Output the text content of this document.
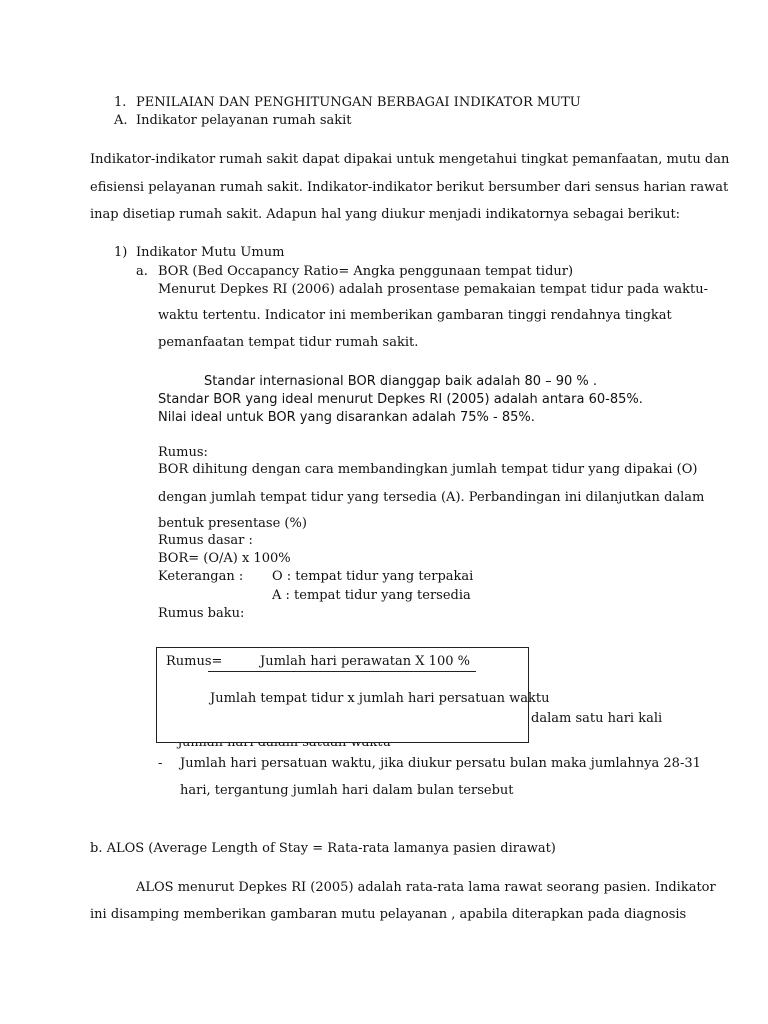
1. PENILAIAN DAN PENGHITUNGAN BERBAGAI INDIKATOR MUTU
A. Indikator pelayanan rumah sakit
Indikator-indikator rumah sakit dapat dipakai untuk mengetahui tingkat pemanfaatan, mutu dan
efisiensi pelayanan rumah sakit. Indikator-indikator berikut bersumber dari sensus harian rawat
inap disetiap rumah sakit. Adapun hal yang diukur menjadi indikatornya sebagai berikut:
1) Indikator Mutu Umum
a. BOR (Bed Occapancy Ratio= Angka penggunaan tempat tidur)
Menurut Depkes RI (2006) adalah prosentase pemakaian tempat tidur pada waktu-
waktu tertentu. Indicator ini memberikan gambaran tinggi rendahnya tingkat
pemanfaatan tempat tidur rumah sakit.
Standar internasional BOR dianggap baik adalah 80 – 90 % .
Standar BOR yang ideal menurut Depkes RI (2005) adalah antara 60-85%.
Nilai ideal untuk BOR yang disarankan adalah 75% - 85%.
Rumus:
BOR dihitung dengan cara membandingkan jumlah tempat tidur yang dipakai (O)
dengan jumlah tempat tidur yang tersedia (A). Perbandingan ini dilanjutkan dalam
bentuk presentase (%)
Rumus dasar :
BOR= (O/A) x 100%
Keterangan : O : tempat tidur yang terpakai
A : tempat tidur yang tersedia
Rumus baku:
Rumus=	Jumlah hari perawatan X 100 %
Jumlah tempat tidur x jumlah hari persatuan waktu
dalam satu hari kali
- Jumlah hari persatuan waktu, jika diukur persatu bulan maka jumlahnya 28-31
hari, tergantung jumlah hari dalam bulan tersebut
b. ALOS (Average Length of Stay = Rata-rata lamanya pasien dirawat)
ALOS menurut Depkes RI (2005) adalah rata-rata lama rawat seorang pasien. Indikator
ini disamping memberikan gambaran mutu pelayanan , apabila diterapkan pada diagnosis
